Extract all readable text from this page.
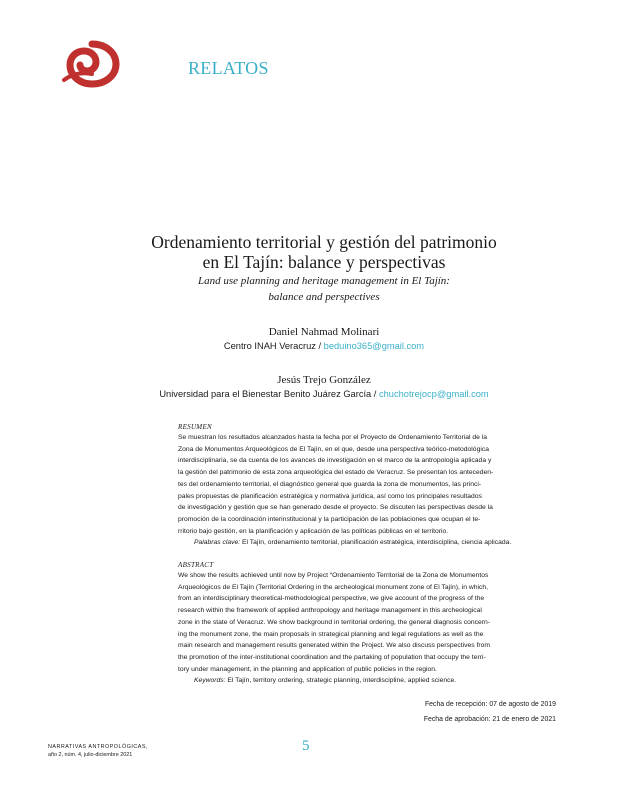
RELATOS
Ordenamiento territorial y gestión del patrimonio
en El Tajín: balance y perspectivas
Land use planning and heritage management in El Tajín:
balance and perspectives
Daniel Nahmad Molinari
Centro INAH Veracruz / beduino365@gmail.com
Jesús Trejo González
Universidad para el Bienestar Benito Juárez García / chuchotrejocp@gmail.com
RESUMEN
Se muestran los resultados alcanzados hasta la fecha por el Proyecto de Ordenamiento Territorial de la
Zona de Monumentos Arqueológicos de El Tajín, en el que, desde una perspectiva teórico-metodológica
interdisciplinaria, se da cuenta de los avances de investigación en el marco de la antropología aplicada y
la gestión del patrimonio de esta zona arqueológica del estado de Veracruz. Se presentan los anteceden-
tes del ordenamiento territorial, el diagnóstico general que guarda la zona de monumentos, las princi-
pales propuestas de planificación estratégica y normativa jurídica, así como los principales resultados
de investigación y gestión que se han generado desde el proyecto. Se discuten las perspectivas desde la
promoción de la coordinación interinstitucional y la participación de las poblaciones que ocupan el te-
rritorio bajo gestión, en la planificación y aplicación de las políticas públicas en el territorio.
Palabras clave: El Tajín, ordenamiento territorial, planificación estratégica, interdisciplina, ciencia aplicada.
ABSTRACT
We show the results achieved until now by Project “Ordenamiento Territorial de la Zona de Monumentos
Arqueológicos de El Tajín (Territorial Ordering in the archeological monument zone of El Tajín), in which,
from an interdisciplinary theoretical-methodological perspective, we give account of the progress of the
research within the framework of applied anthropology and heritage management in this archeological
zone in the state of Veracruz. We show background in territorial ordering, the general diagnosis concern-
ing the monument zone, the main proposals in strategical planning and legal regulations as well as the
main research and management results generated within the Project. We also discuss perspectives from
the promotion of the inter-institutional coordination and the partaking of population that occupy the terri-
tory under management, in the planning and application of public policies in the region.
Keywords: El Tajín, territory ordering, strategic planning, interdiscipline, applied science.
Fecha de recepción: 07 de agosto de 2019
Fecha de aprobación: 21 de enero de 2021
NARRATIVAS ANTROPOLÓGICAS,
año 2, núm. 4, julio-diciembre 2021
5
